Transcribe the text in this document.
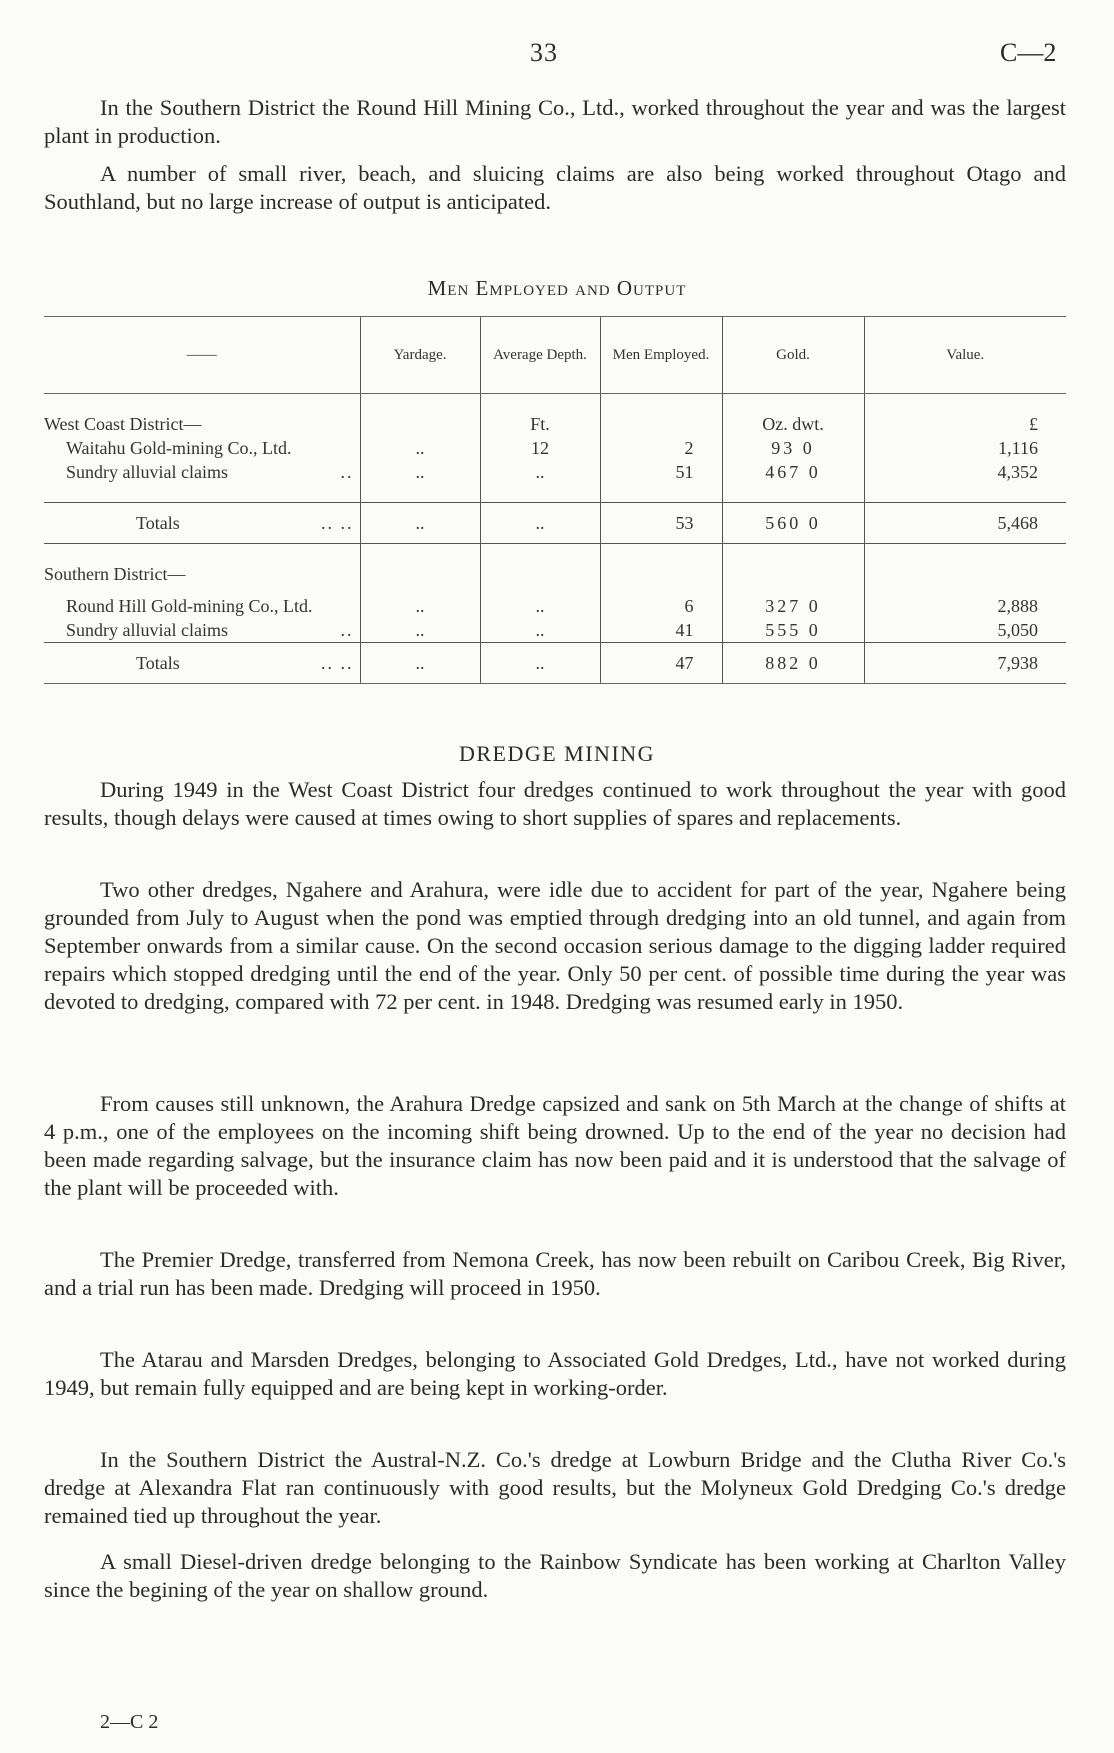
33	C—2

In the Southern District the Round Hill Mining Co., Ltd., worked throughout the year and was the largest plant in production.

A number of small river, beach, and sluicing claims are also being worked throughout Otago and Southland, but no large increase of output is anticipated.

Men Employed and Output
——	Yardage.	Average Depth.	Men Employed.	Gold.	Value.

West Coast District—		Ft.		Oz. dwt.	£

Waitahu Gold-mining Co., Ltd.	..	12	2	93 0	1,116

Sundry alluvial claims ..	..	..	51	467 0	4,352

Totals .. ..	..	..	53	560 0	5,468
Southern District—					

Round Hill Gold-mining Co., Ltd.	..	..	6	327 0	2,888

Sundry alluvial claims ..	..	..	41	555 0	5,050

Totals .. ..	..	..	47	882 0	7,938
DREDGE MINING

During 1949 in the West Coast District four dredges continued to work throughout the year with good results, though delays were caused at times owing to short supplies of spares and replacements.

Two other dredges, Ngahere and Arahura, were idle due to accident for part of the year, Ngahere being grounded from July to August when the pond was emptied through dredging into an old tunnel, and again from September onwards from a similar cause. On the second occasion serious damage to the digging ladder required repairs which stopped dredging until the end of the year. Only 50 per cent. of possible time during the year was devoted to dredging, compared with 72 per cent. in 1948. Dredging was resumed early in 1950.

From causes still unknown, the Arahura Dredge capsized and sank on 5th March at the change of shifts at 4 p.m., one of the employees on the incoming shift being drowned. Up to the end of the year no decision had been made regarding salvage, but the insurance claim has now been paid and it is understood that the salvage of the plant will be proceeded with.

The Premier Dredge, transferred from Nemona Creek, has now been rebuilt on Caribou Creek, Big River, and a trial run has been made. Dredging will proceed in 1950.

The Atarau and Marsden Dredges, belonging to Associated Gold Dredges, Ltd., have not worked during 1949, but remain fully equipped and are being kept in working-order.

In the Southern District the Austral-N.Z. Co.'s dredge at Lowburn Bridge and the Clutha River Co.'s dredge at Alexandra Flat ran continuously with good results, but the Molyneux Gold Dredging Co.'s dredge remained tied up throughout the year.

A small Diesel-driven dredge belonging to the Rainbow Syndicate has been working at Charlton Valley since the begining of the year on shallow ground.

2—C 2
